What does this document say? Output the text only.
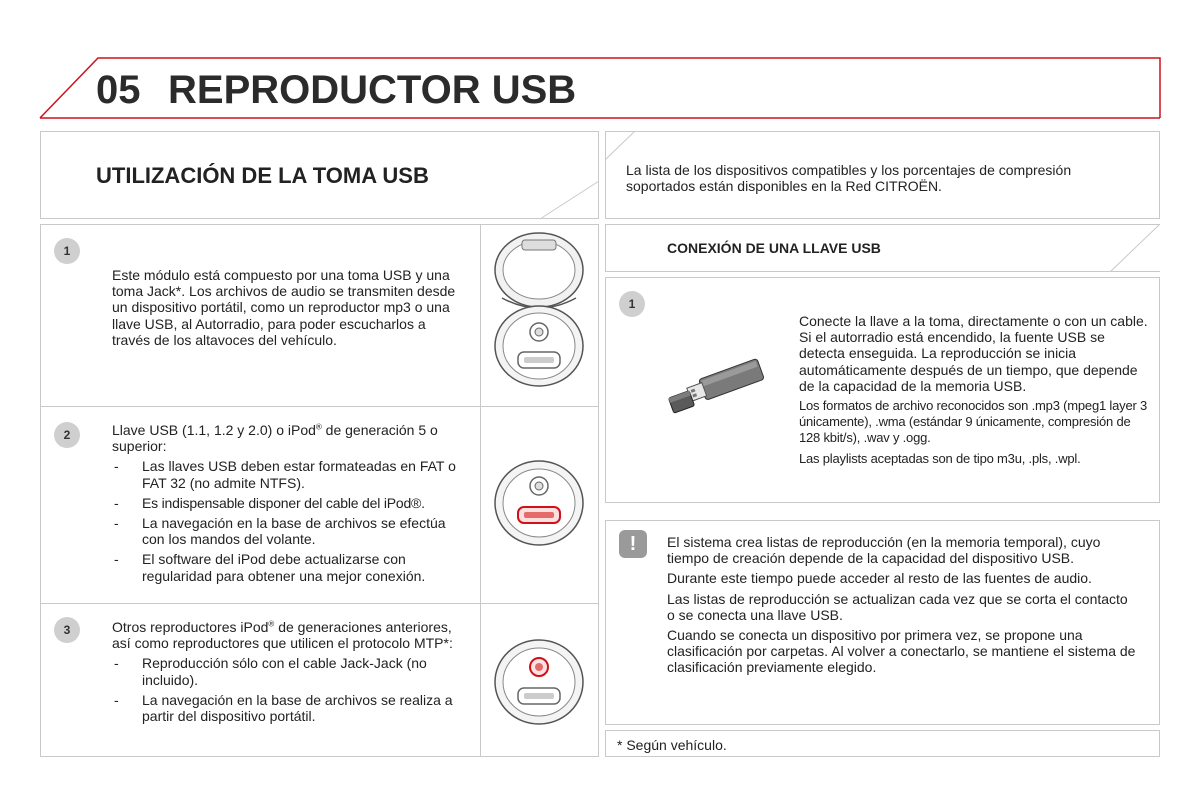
05 REPRODUCTOR USB
UTILIZACIÓN DE LA TOMA USB	La lista de los dispositivos compatibles y los porcentajes de compresión soportados están disponibles en la Red CITROËN.

1

Este módulo está compuesto por una toma USB y una toma Jack*. Los archivos de audio se transmiten desde un dispositivo portátil, como un reproductor mp3 o una llave USB, al Autorradio, para poder escucharlos a través de los altavoces del vehículo.

2	Llave USB (1.1, 1.2 y 2.0) o iPod® de generación 5 o superior:

- Las llaves USB deben estar formateadas en FAT o FAT 32 (no admite NTFS).
- Es indispensable disponer del cable del iPod®.
- La navegación en la base de archivos se efectúa con los mandos del volante.
- El software del iPod debe actualizarse con regularidad para obtener una mejor conexión.
3	Otros reproductores iPod® de generaciones anteriores, así como reproductores que utilicen el protocolo MTP*:

- Reproducción sólo con el cable Jack-Jack (no incluido).
- La navegación en la base de archivos se realiza a partir del dispositivo portátil.
CONEXIÓN DE UNA LLAVE USB
1

Conecte la llave a la toma, directamente o con un cable. Si el autorradio está encendido, la fuente USB se detecta enseguida. La reproducción se inicia automáticamente después de un tiempo, que depende de la capacidad de la memoria USB.

Los formatos de archivo reconocidos son .mp3 (mpeg1 layer 3 únicamente), .wma (estándar 9 únicamente, compresión de 128 kbit/s), .wav y .ogg.

Las playlists aceptadas son de tipo m3u, .pls, .wpl.

!	El sistema crea listas de reproducción (en la memoria temporal), cuyo tiempo de creación depende de la capacidad del dispositivo USB.

Durante este tiempo puede acceder al resto de las fuentes de audio.

Las listas de reproducción se actualizan cada vez que se corta el contacto o se conecta una llave USB.

Cuando se conecta un dispositivo por primera vez, se propone una clasificación por carpetas. Al volver a conectarlo, se mantiene el sistema de clasificación previamente elegido.

* Según vehículo.
